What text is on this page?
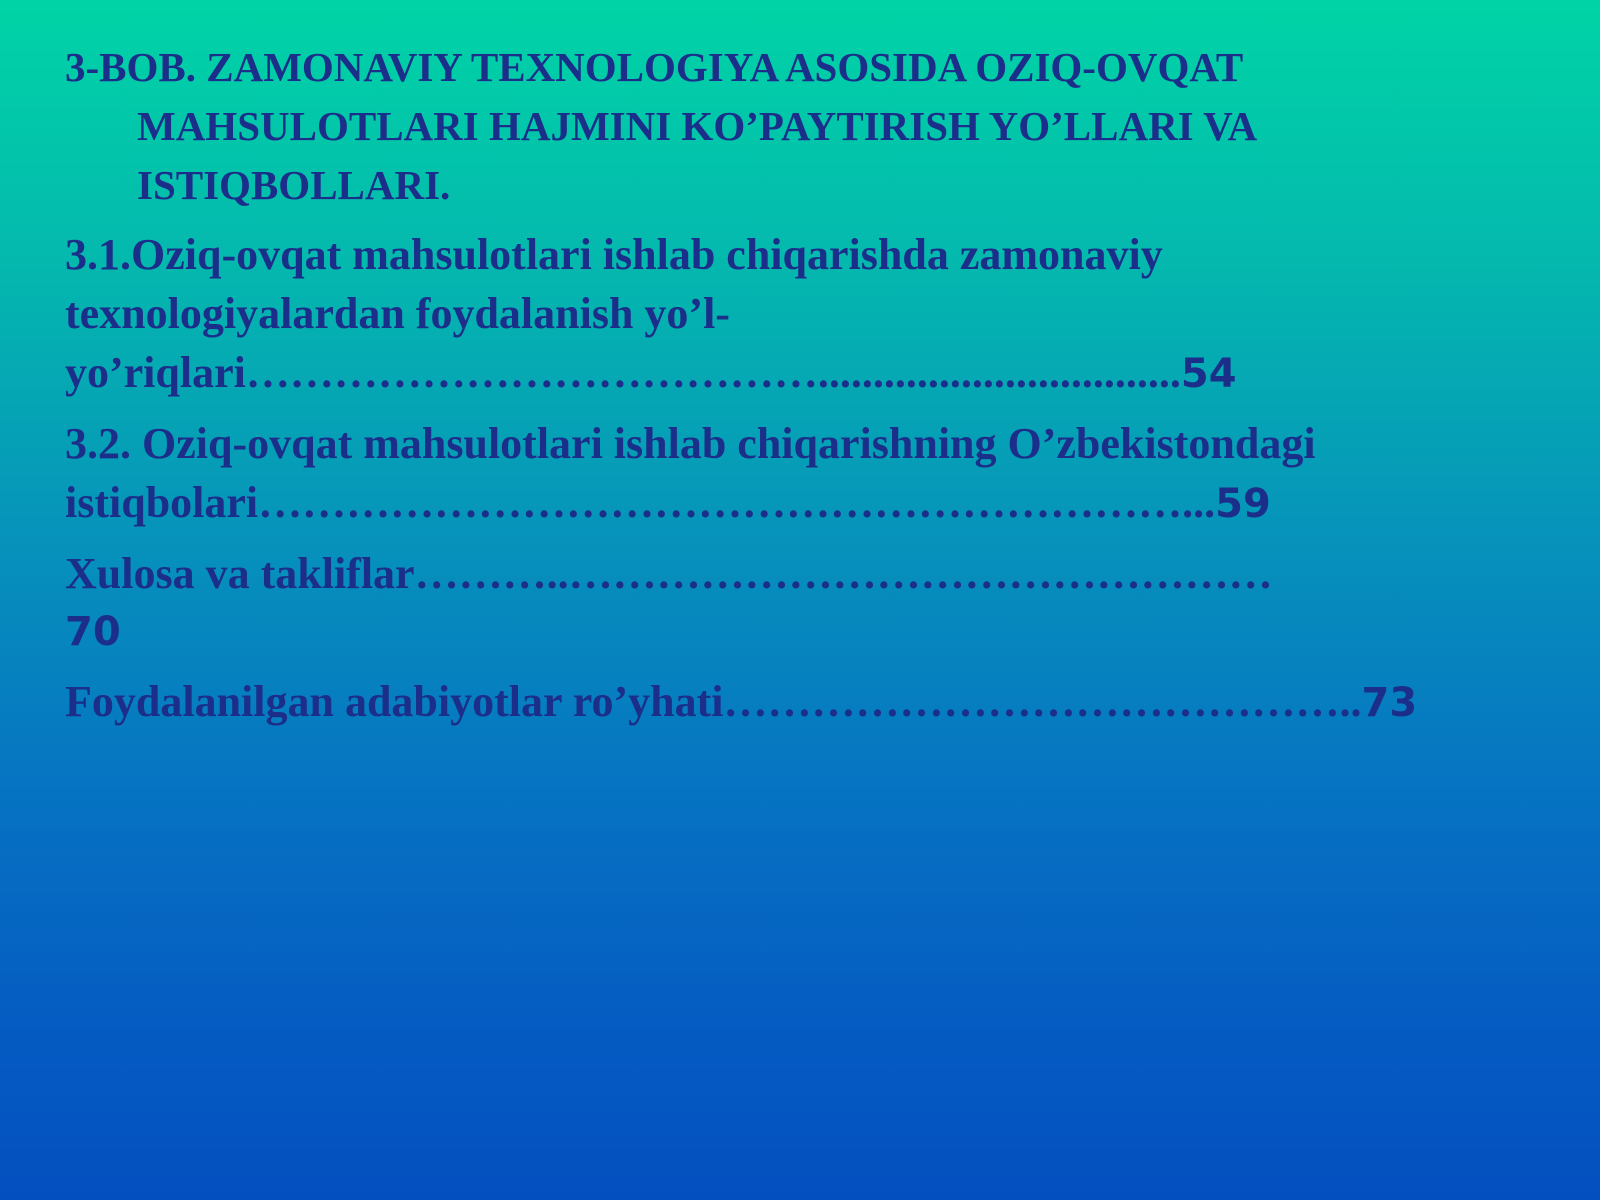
3-BOB. ZAMONAVIY TEXNOLOGIYA ASOSIDA OZIQ-OVQAT MAHSULOTLARI HAJMINI KO’PAYTIRISH YO’LLARI VA ISTIQBOLLARI.
3.1.Oziq-ovqat mahsulotlari ishlab chiqarishda zamonaviy
texnologiyalardan foydalanish yo’l-
yo’riqlari………………………………….................................54
3.2. Oziq-ovqat mahsulotlari ishlab chiqarishning O’zbekistondagi
istiqbolari………………………………………………………...59
Xulosa va takliflar………..…………………………………………
70
Foydalanilgan adabiyotlar ro’yhati……………………………………..73
